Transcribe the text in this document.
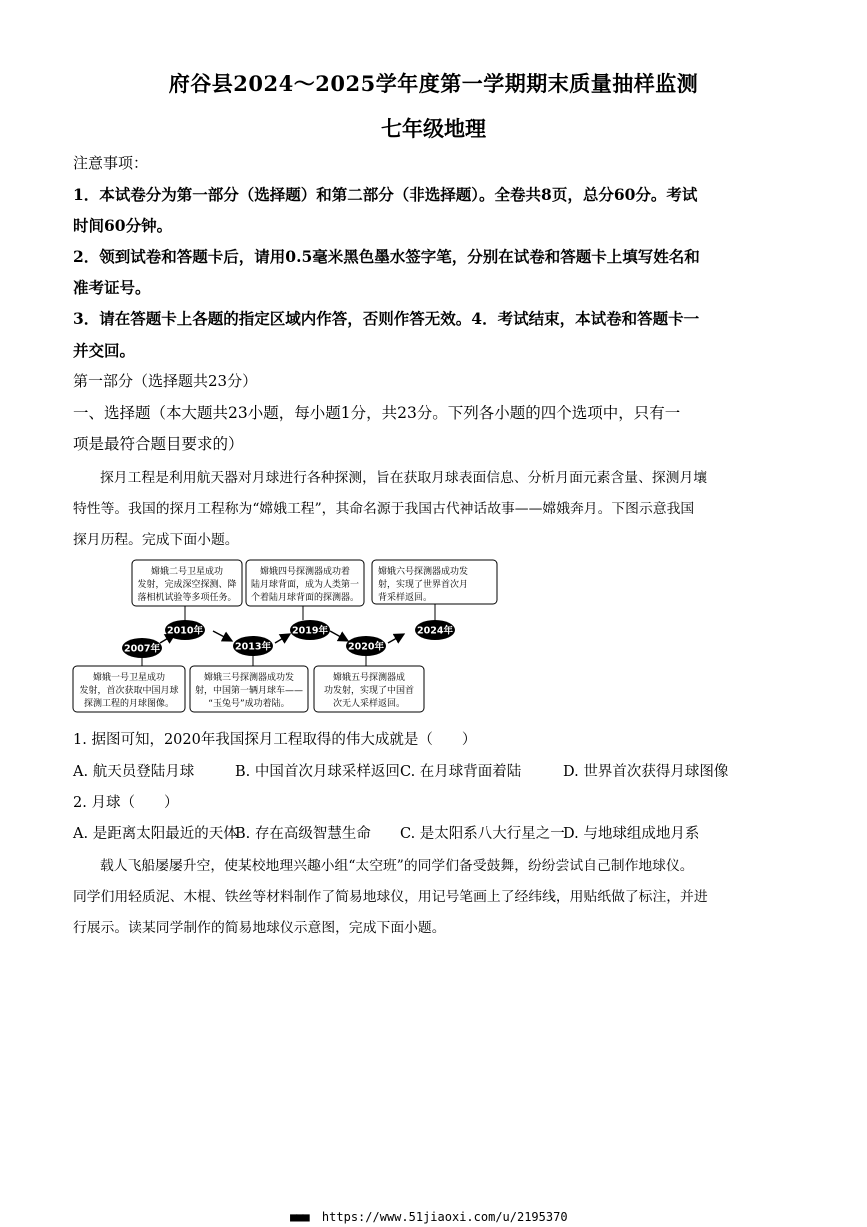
府谷县2024～2025学年度第一学期期末质量抽样监测
七年级地理
注意事项：
1．本试卷分为第一部分（选择题）和第二部分（非选择题）。全卷共8页，总分60分。考试
时间60分钟。
2．领到试卷和答题卡后，请用0.5毫米黑色墨水签字笔，分别在试卷和答题卡上填写姓名和
准考证号。
3．请在答题卡上各题的指定区域内作答，否则作答无效。4．考试结束，本试卷和答题卡一
并交回。
第一部分（选择题共23分）
一、选择题（本大题共23小题，每小题1分，共23分。下列各小题的四个选项中，只有一
项是最符合题目要求的）
探月工程是利用航天器对月球进行各种探测，旨在获取月球表面信息、分析月面元素含量、探测月壤
特性等。我国的探月工程称为“嫦娥工程”，其命名源于我国古代神话故事——嫦娥奔月。下图示意我国
探月历程。完成下面小题。
嫦娥二号卫星成功
发射，完成深空探测、降
落相机试验等多项任务。
嫦娥四号探测器成功着
陆月球背面，成为人类第一
个着陆月球背面的探测器。
嫦娥六号探测器成功发
射，实现了世界首次月
背采样返回。
2007年
2010年
2013年
2019年
2020年
2024年
嫦娥一号卫星成功
发射，首次获取中国月球
探测工程的月球图像。
嫦娥三号探测器成功发
射，中国第一辆月球车——
“玉兔号”成功着陆。
嫦娥五号探测器成
功发射，实现了中国首
次无人采样返回。
1. 据图可知，2020年我国探月工程取得的伟大成就是（　　）
A. 航天员登陆月球	B. 中国首次月球采样返回 C. 在月球背面着陆	D. 世界首次获得月球图像
2. 月球（　　）
A. 是距离太阳最近的天体
B. 存在高级智慧生命 C. 是太阳系八大行星之一
D. 与地球组成地月系
载人飞船屡屡升空，使某校地理兴趣小组“太空班”的同学们备受鼓舞，纷纷尝试自己制作地球仪。
同学们用轻质泥、木棍、铁丝等材料制作了简易地球仪，用记号笔画上了经纬线，用贴纸做了标注，并进
行展示。读某同学制作的简易地球仪示意图，完成下面小题。
■■■ https://www.51jiaoxi.com/u/2195370
